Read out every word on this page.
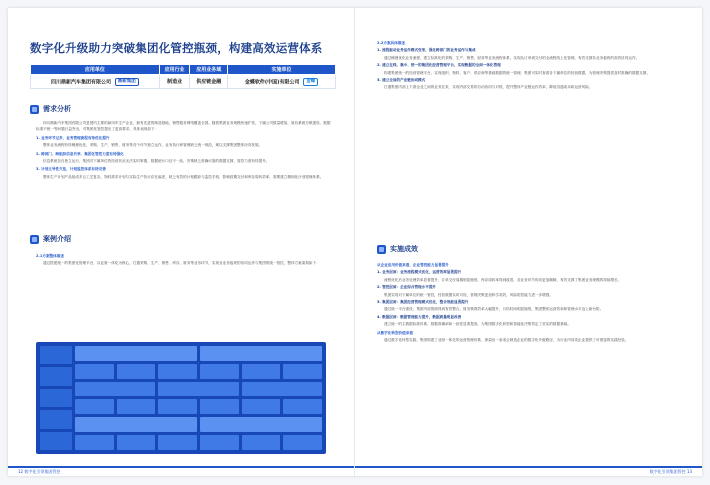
数字化升级助力突破集团化管控瓶颈，构建高效运营体系
应用单位	应用行业	应用业务域	实施单位
四川鼎新汽车集团有限公司 鼎新集团	制造业	供应链金融	金蝶软件(中国)有限公司 金蝶
需求分析

四川鼎新汽车集团有限公司是国内主要的商用车生产企业，拥有先进的制造基地，销售服务网络覆盖全国。随着集团业务规模快速扩张，下属公司数量增加，原有系统分散建设、数据标准不统一等问题日益突出，对集团化管控提出了更高要求，具体表现如下：

1. 业务环节过多，业务管理流程有待优化提升

整体业务流程有待梳理优化，采购、生产、销售、财务等各个环节独立运作，业务执行和管理缺乏统一规范，难以支撑集团整体协同发展。

2. 跨部门、跨组织信息共享、集团化管控力度有待强化

信息系统各自独立运行，集团对下属单位的经营状况无法实时掌握，数据统计口径不一致，决策缺乏准确可靠的数据支撑，管控力度有待提升。

3. 计划主导性欠佳，计划监控体系有待完善

整体生产计划产品组成多且工艺复杂，物料需求计划与实际生产执行存在偏差，缺乏有效的计划跟踪与监控手段，影响按期交付和库存周转效率，需要建立精细化计划管理体系。

案例介绍

2.1方案整体描述

通过搭建统一的集团化管理平台，以业财一体化为核心，打通采购、生产、销售、库存、财务等业务环节，实现各业务板块的协同运作与集团的统一管控，整体方案架构如下：

12 数字化引领集团管控

2.2方案具体描述

1. 流程驱动业务运作模式变革，强化跨部门的业务运作与集成

通过梳理优化业务流程，建立标准化的采购、生产、销售、财务等业务流程体系，实现从订单到交付的全流程线上化管理，有效支撑各业务板块的高效协同运作。

2. 建立在线、集中、统一的集团化经营管理平台，实现数据的全面一体化管理

构建集团统一的经营管理平台，实现组织、物料、客户、供应商等基础数据的统一管理，集团可实时查看各下属单位的经营数据，为管理决策提供及时准确的数据支撑。

3. 建立全局的产业链协同模式

打通集团内部上下游企业之间的业务往来，实现内部交易的自动协同与对账，提升整体产业链运作效率，降低沟通成本和运营风险。

实施成效

从企业应用价值来看，企业管控能力显著提升

1. 业务层面：业务流程模式优化，运营效率显著提升

流程优化后业务处理效率显著提升，订单交付周期明显缩短，库存周转率得到改善，各业务环节协同更加顺畅，有效支撑了集团业务规模的持续增长。

2. 管控层面：企业综合管理水平提升

集团实现对下属单位的统一管控，经营数据实时可视，管理决策更加科学高效，风险防控能力进一步增强。

3. 集团层面：集团经营管理模式优化，整合效能显著提升

通过统一平台建设，集团内部资源得到有效整合，财务核算效率大幅提升，月结时间明显缩短，集团整体运营效率和管理水平迈上新台阶。

4. 数据层面：数据管理能力提升，数据质量明显改善

建立统一的主数据标准体系，数据准确率和一致性显著提高，为集团数字化转型和智能化决策奠定了坚实的数据基础。

从数字化转型价值来看

通过数字化转型实践，集团构建了业财一体化的运营管理体系，探索出一条适合制造企业的数字化升级路径，为行业内同类企业提供了可借鉴的实践经验。

数字化引领集团管控 13
